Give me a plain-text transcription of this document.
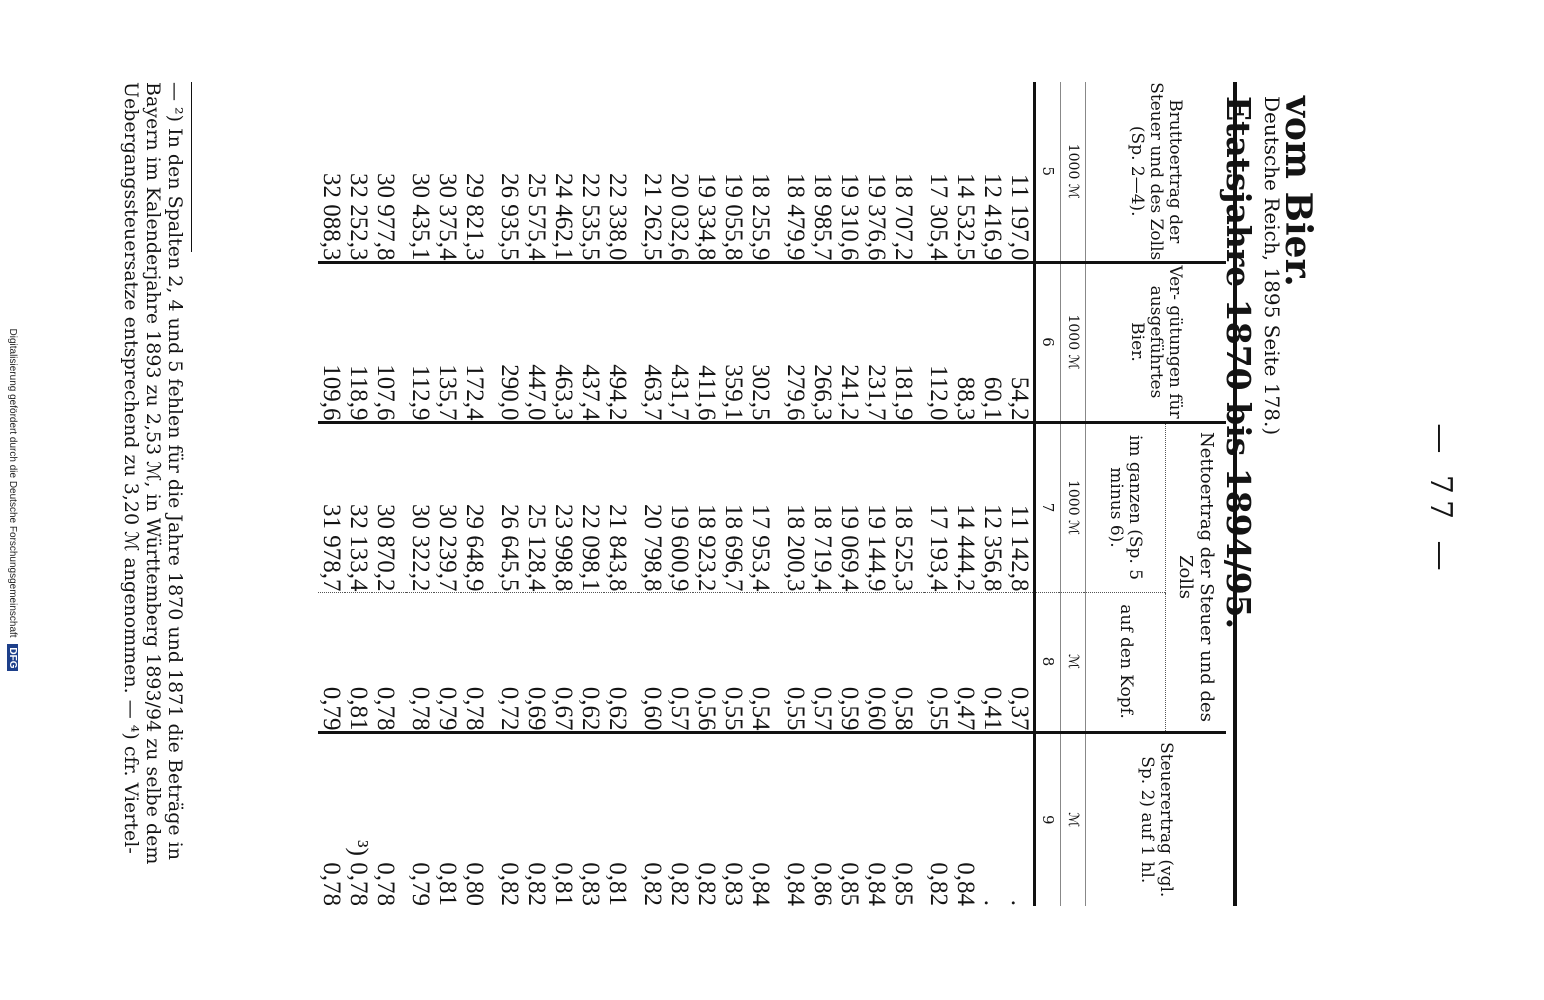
— 77 —
vom Bier.
Deutsche Reich, 1895 Seite 178.)
Etatsjahre 1870 bis 1894/95.
Bruttoertrag der Steuer und des Zolls (Sp. 2—4).	Ver- gütungen für ausgeführtes Bier.	Nettoertrag der Steuer und des Zolls		Steuerertrag (vgl. Sp. 2) auf 1 hl.
		im ganzen (Sp. 5 minus 6).	auf den Kopf.	
1000 ℳ	1000 ℳ	1000 ℳ	ℳ	ℳ
5	6	7	8	9
11 197,0	54,2	11 142,8	0,37	.
12 416,9	60,1	12 356,8	0,41	.
14 532,5	88,3	14 444,2	0,47	0,84
17 305,4	112,0	17 193,4	0,55	0,82

18 707,2	181,9	18 525,3	0,58	0,85
19 376,6	231,7	19 144,9	0,60	0,84
19 310,6	241,2	19 069,4	0,59	0,85
18 985,7	266,3	18 719,4	0,57	0,86
18 479,9	279,6	18 200,3	0,55	0,84

18 255,9	302,5	17 953,4	0,54	0,84
19 055,8	359,1	18 696,7	0,55	0,83
19 334,8	411,6	18 923,2	0,56	0,82
20 032,6	431,7	19 600,9	0,57	0,82
21 262,5	463,7	20 798,8	0,60	0,82

22 338,0	494,2	21 843,8	0,62	0,81
22 535,5	437,4	22 098,1	0,62	0,83
24 462,1	463,3	23 998,8	0,67	0,81
25 575,4	447,0	25 128,4	0,69	0,82
26 935,5	290,0	26 645,5	0,72	0,82

29 821,3	172,4	29 648,9	0,78	0,80
30 375,4	135,7	30 239,7	0,79	0,81
30 435,1	112,9	30 322,2	0,78	0,79

30 977,8	107,6	30 870,2	0,78	0,78
32 252,3	118,9	32 133,4	0,81	³) 0,78
32 088,3	109,6	31 978,7	0,79	0,78
— ²) In den Spalten 2, 4 und 5 fehlen für die Jahre 1870 und 1871 die Beträge in Bayern im Kalenderjahre 1893 zu 2,53 ℳ, in Württemberg 1893/94 zu selbe dem Uebergangssteuersatze entsprechend zu 3,20 ℳ angenommen. — ⁴) cfr. Viertel-
Digitalisierung gefördert durch die Deutsche Forschungsgemeinschaft DFG
